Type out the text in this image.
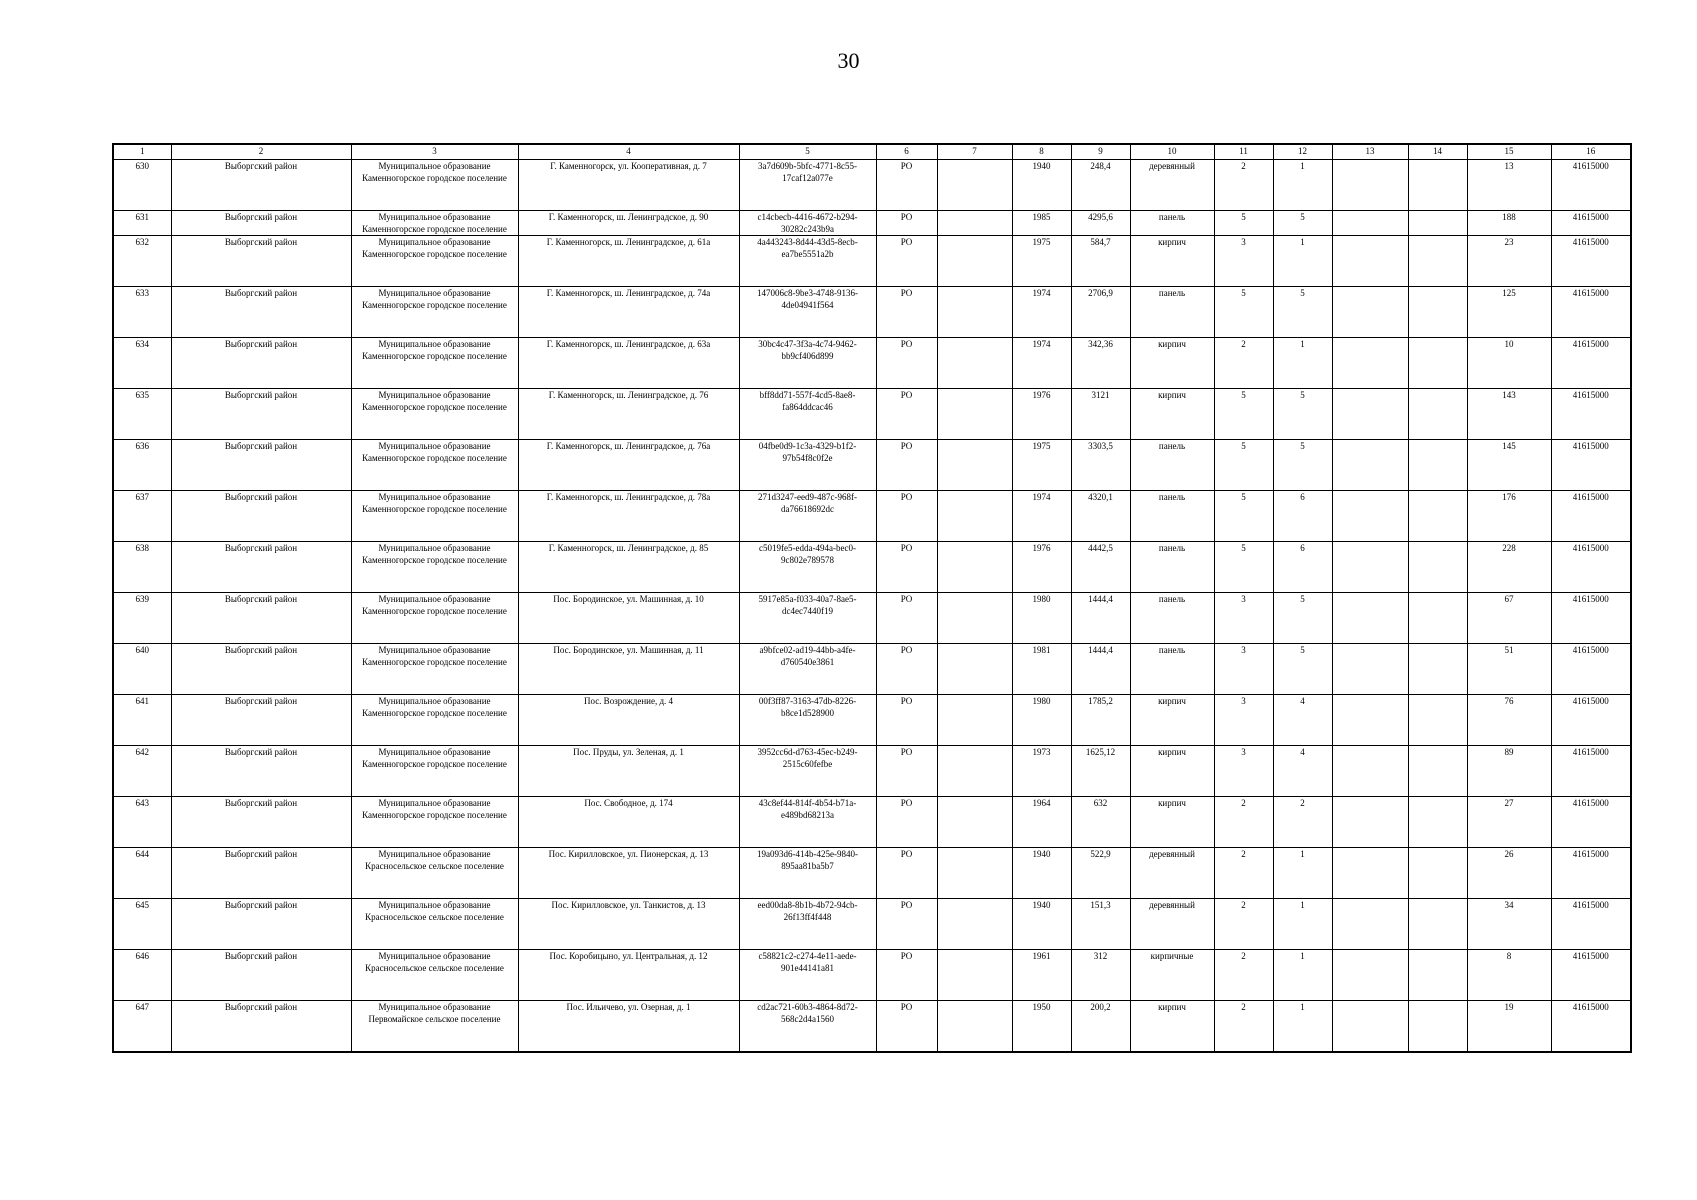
30
1	2	3	4	5	6	7	8	9	10	11	12	13	14	15	16
630	Выборгский район	Муниципальное образование Каменногорское городское поселение	Г. Каменногорск, ул. Кооперативная, д. 7	3a7d609b-5bfc-4771-8c55-17caf12a077e	РО		1940	248,4	деревянный	2	1			13	41615000
631	Выборгский район	Муниципальное образование Каменногорское городское поселение	Г. Каменногорск, ш. Ленинградское, д. 90	c14cbecb-4416-4672-b294-30282c243b9a	РО		1985	4295,6	панель	5	5			188	41615000
632	Выборгский район	Муниципальное образование Каменногорское городское поселение	Г. Каменногорск, ш. Ленинградское, д. 61а	4a443243-8d44-43d5-8ecb-ea7be5551a2b	РО		1975	584,7	кирпич	3	1			23	41615000
633	Выборгский район	Муниципальное образование Каменногорское городское поселение	Г. Каменногорск, ш. Ленинградское, д. 74а	147006c8-9be3-4748-9136-4de04941f564	РО		1974	2706,9	панель	5	5			125	41615000
634	Выборгский район	Муниципальное образование Каменногорское городское поселение	Г. Каменногорск, ш. Ленинградское, д. 63а	30bc4c47-3f3a-4c74-9462-bb9cf406d899	РО		1974	342,36	кирпич	2	1			10	41615000
635	Выборгский район	Муниципальное образование Каменногорское городское поселение	Г. Каменногорск, ш. Ленинградское, д. 76	bff8dd71-557f-4cd5-8ae8-fa864ddcac46	РО		1976	3121	кирпич	5	5			143	41615000
636	Выборгский район	Муниципальное образование Каменногорское городское поселение	Г. Каменногорск, ш. Ленинградское, д. 76а	04fbe0d9-1c3a-4329-b1f2-97b54f8c0f2e	РО		1975	3303,5	панель	5	5			145	41615000
637	Выборгский район	Муниципальное образование Каменногорское городское поселение	Г. Каменногорск, ш. Ленинградское, д. 78а	271d3247-eed9-487c-968f-da76618692dc	РО		1974	4320,1	панель	5	6			176	41615000
638	Выборгский район	Муниципальное образование Каменногорское городское поселение	Г. Каменногорск, ш. Ленинградское, д. 85	c5019fe5-edda-494a-bec0-9c802e789578	РО		1976	4442,5	панель	5	6			228	41615000
639	Выборгский район	Муниципальное образование Каменногорское городское поселение	Пос. Бородинское, ул. Машинная, д. 10	5917e85a-f033-40a7-8ae5-dc4ec7440f19	РО		1980	1444,4	панель	3	5			67	41615000
640	Выборгский район	Муниципальное образование Каменногорское городское поселение	Пос. Бородинское, ул. Машинная, д. 11	a9bfce02-ad19-44bb-a4fe-d760540e3861	РО		1981	1444,4	панель	3	5			51	41615000
641	Выборгский район	Муниципальное образование Каменногорское городское поселение	Пос. Возрождение, д. 4	00f3ff87-3163-47db-8226-b8ce1d528900	РО		1980	1785,2	кирпич	3	4			76	41615000
642	Выборгский район	Муниципальное образование Каменногорское городское поселение	Пос. Пруды, ул. Зеленая, д. 1	3952cc6d-d763-45ec-b249-2515c60fefbe	РО		1973	1625,12	кирпич	3	4			89	41615000
643	Выборгский район	Муниципальное образование Каменногорское городское поселение	Пос. Свободное, д. 174	43c8ef44-814f-4b54-b71a-e489bd68213a	РО		1964	632	кирпич	2	2			27	41615000
644	Выборгский район	Муниципальное образование Красносельское сельское поселение	Пос. Кирилловское, ул. Пионерская, д. 13	19a093d6-414b-425e-9840-895aa81ba5b7	РО		1940	522,9	деревянный	2	1			26	41615000
645	Выборгский район	Муниципальное образование Красносельское сельское поселение	Пос. Кирилловское, ул. Танкистов, д. 13	eed00da8-8b1b-4b72-94cb-26f13ff4f448	РО		1940	151,3	деревянный	2	1			34	41615000
646	Выборгский район	Муниципальное образование Красносельское сельское поселение	Пос. Коробицыно, ул. Центральная, д. 12	c58821c2-c274-4e11-aede-901e44141a81	РО		1961	312	кирпичные	2	1			8	41615000
647	Выборгский район	Муниципальное образование Первомайское сельское поселение	Пос. Ильичево, ул. Озерная, д. 1	cd2ac721-60b3-4864-8d72-568c2d4a1560	РО		1950	200,2	кирпич	2	1			19	41615000
